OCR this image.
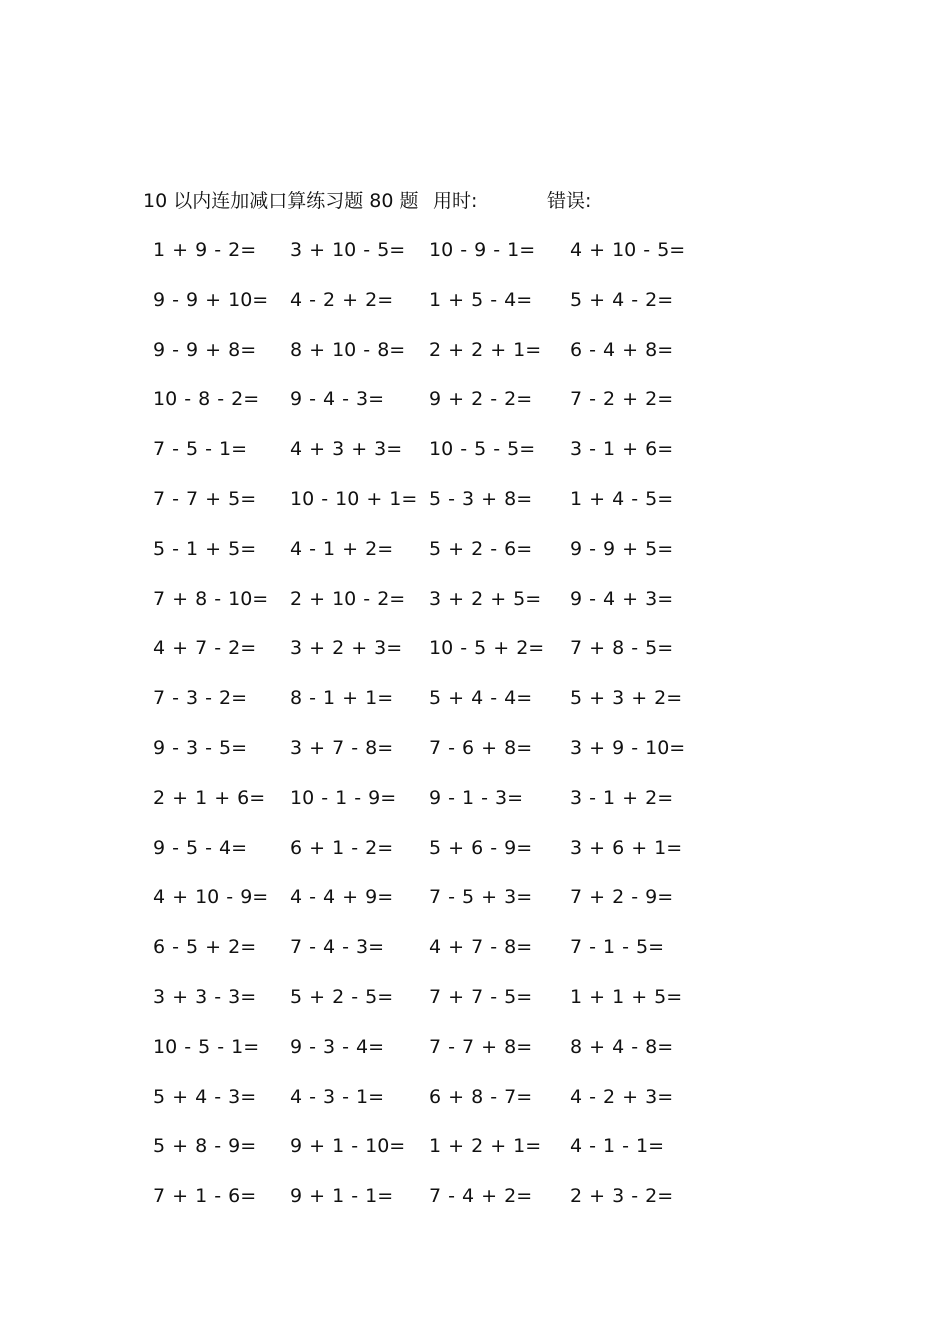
10 以内连加减口算练习题 80 题 用时:	错误:
1 + 9 - 2= 3 + 10 - 5= 10 - 9 - 1= 4 + 10 - 5=
9 - 9 + 10= 4 - 2 + 2= 1 + 5 - 4= 5 + 4 - 2=
9 - 9 + 8= 8 + 10 - 8= 2 + 2 + 1= 6 - 4 + 8=
10 - 8 - 2= 9 - 4 - 3= 9 + 2 - 2= 7 - 2 + 2=
7 - 5 - 1= 4 + 3 + 3= 10 - 5 - 5= 3 - 1 + 6=
7 - 7 + 5= 10 - 10 + 1= 5 - 3 + 8= 1 + 4 - 5=
5 - 1 + 5= 4 - 1 + 2= 5 + 2 - 6= 9 - 9 + 5=
7 + 8 - 10= 2 + 10 - 2= 3 + 2 + 5= 9 - 4 + 3=
4 + 7 - 2= 3 + 2 + 3= 10 - 5 + 2= 7 + 8 - 5=
7 - 3 - 2= 8 - 1 + 1= 5 + 4 - 4= 5 + 3 + 2=
9 - 3 - 5= 3 + 7 - 8= 7 - 6 + 8= 3 + 9 - 10=
2 + 1 + 6= 10 - 1 - 9= 9 - 1 - 3= 3 - 1 + 2=
9 - 5 - 4= 6 + 1 - 2= 5 + 6 - 9= 3 + 6 + 1=
4 + 10 - 9= 4 - 4 + 9= 7 - 5 + 3= 7 + 2 - 9=
6 - 5 + 2= 7 - 4 - 3= 4 + 7 - 8= 7 - 1 - 5=
3 + 3 - 3= 5 + 2 - 5= 7 + 7 - 5= 1 + 1 + 5=
10 - 5 - 1= 9 - 3 - 4= 7 - 7 + 8= 8 + 4 - 8=
5 + 4 - 3= 4 - 3 - 1= 6 + 8 - 7= 4 - 2 + 3=
5 + 8 - 9= 9 + 1 - 10= 1 + 2 + 1= 4 - 1 - 1=
7 + 1 - 6= 9 + 1 - 1= 7 - 4 + 2= 2 + 3 - 2=
